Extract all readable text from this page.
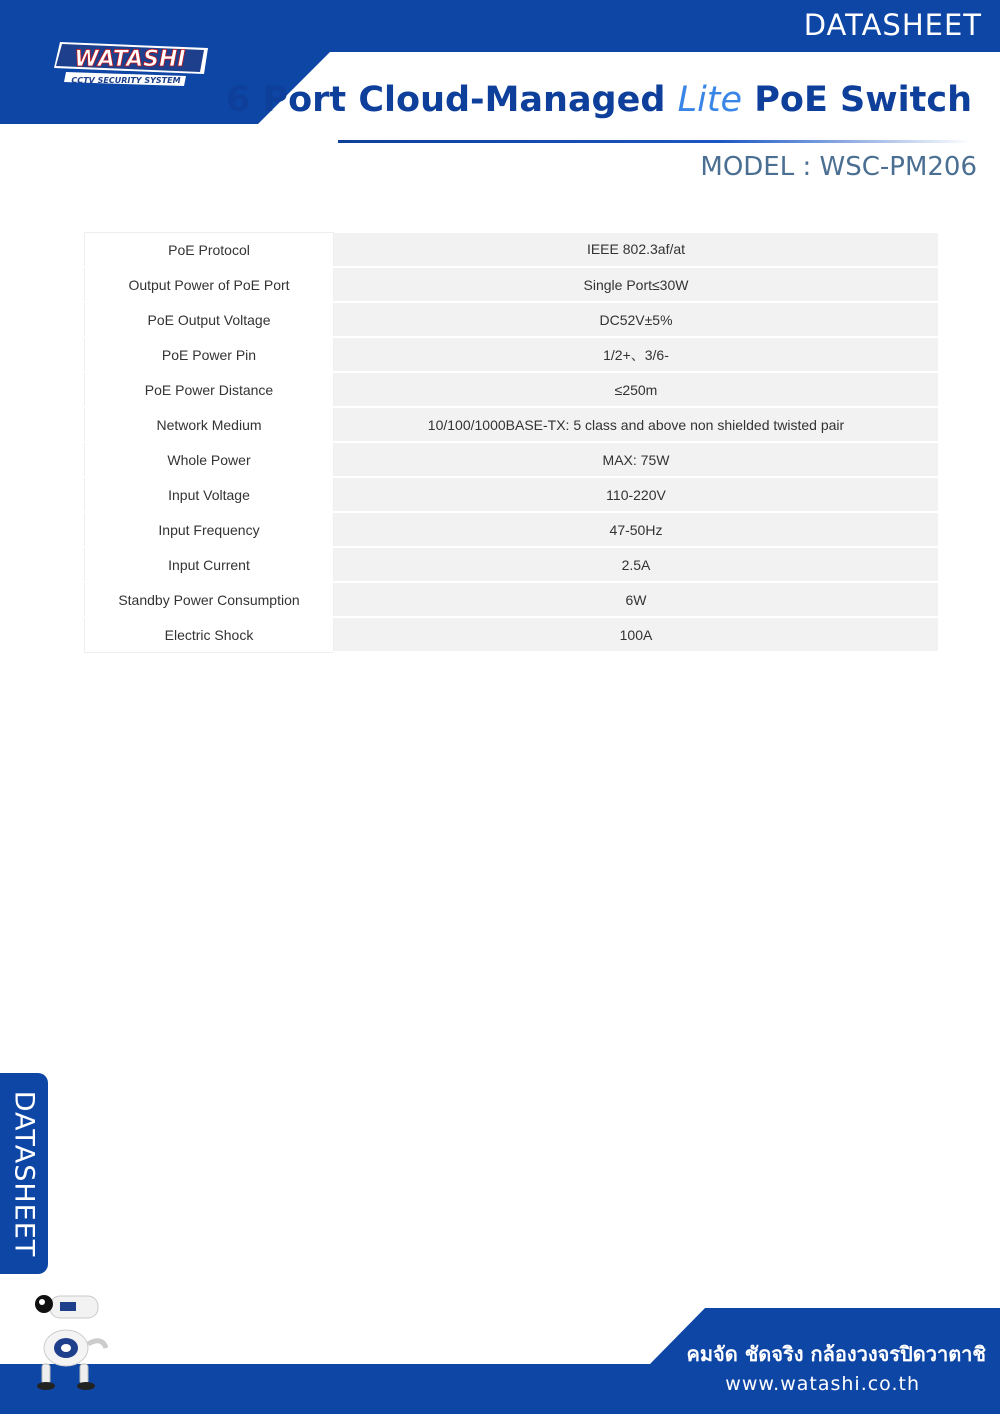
DATASHEET
WATASHI
CCTV SECURITY SYSTEM 6 Port Cloud-Managed Lite PoE Switch
MODEL : WSC-PM206
PoE Protocol	IEEE 802.3af/at
Output Power of PoE Port	Single Port≤30W
PoE Output Voltage	DC52V±5%
PoE Power Pin	1/2+、3/6-
PoE Power Distance	≤250m
Network Medium	10/100/1000BASE-TX: 5 class and above non shielded twisted pair
Whole Power	MAX: 75W
Input Voltage	110-220V
Input Frequency	47-50Hz
Input Current	2.5A
Standby Power Consumption	6W
Electric Shock	100A
DATASHEET
คมจัด ชัดจริง กล้องวงจรปิดวาตาชิ
www.watashi.co.th
